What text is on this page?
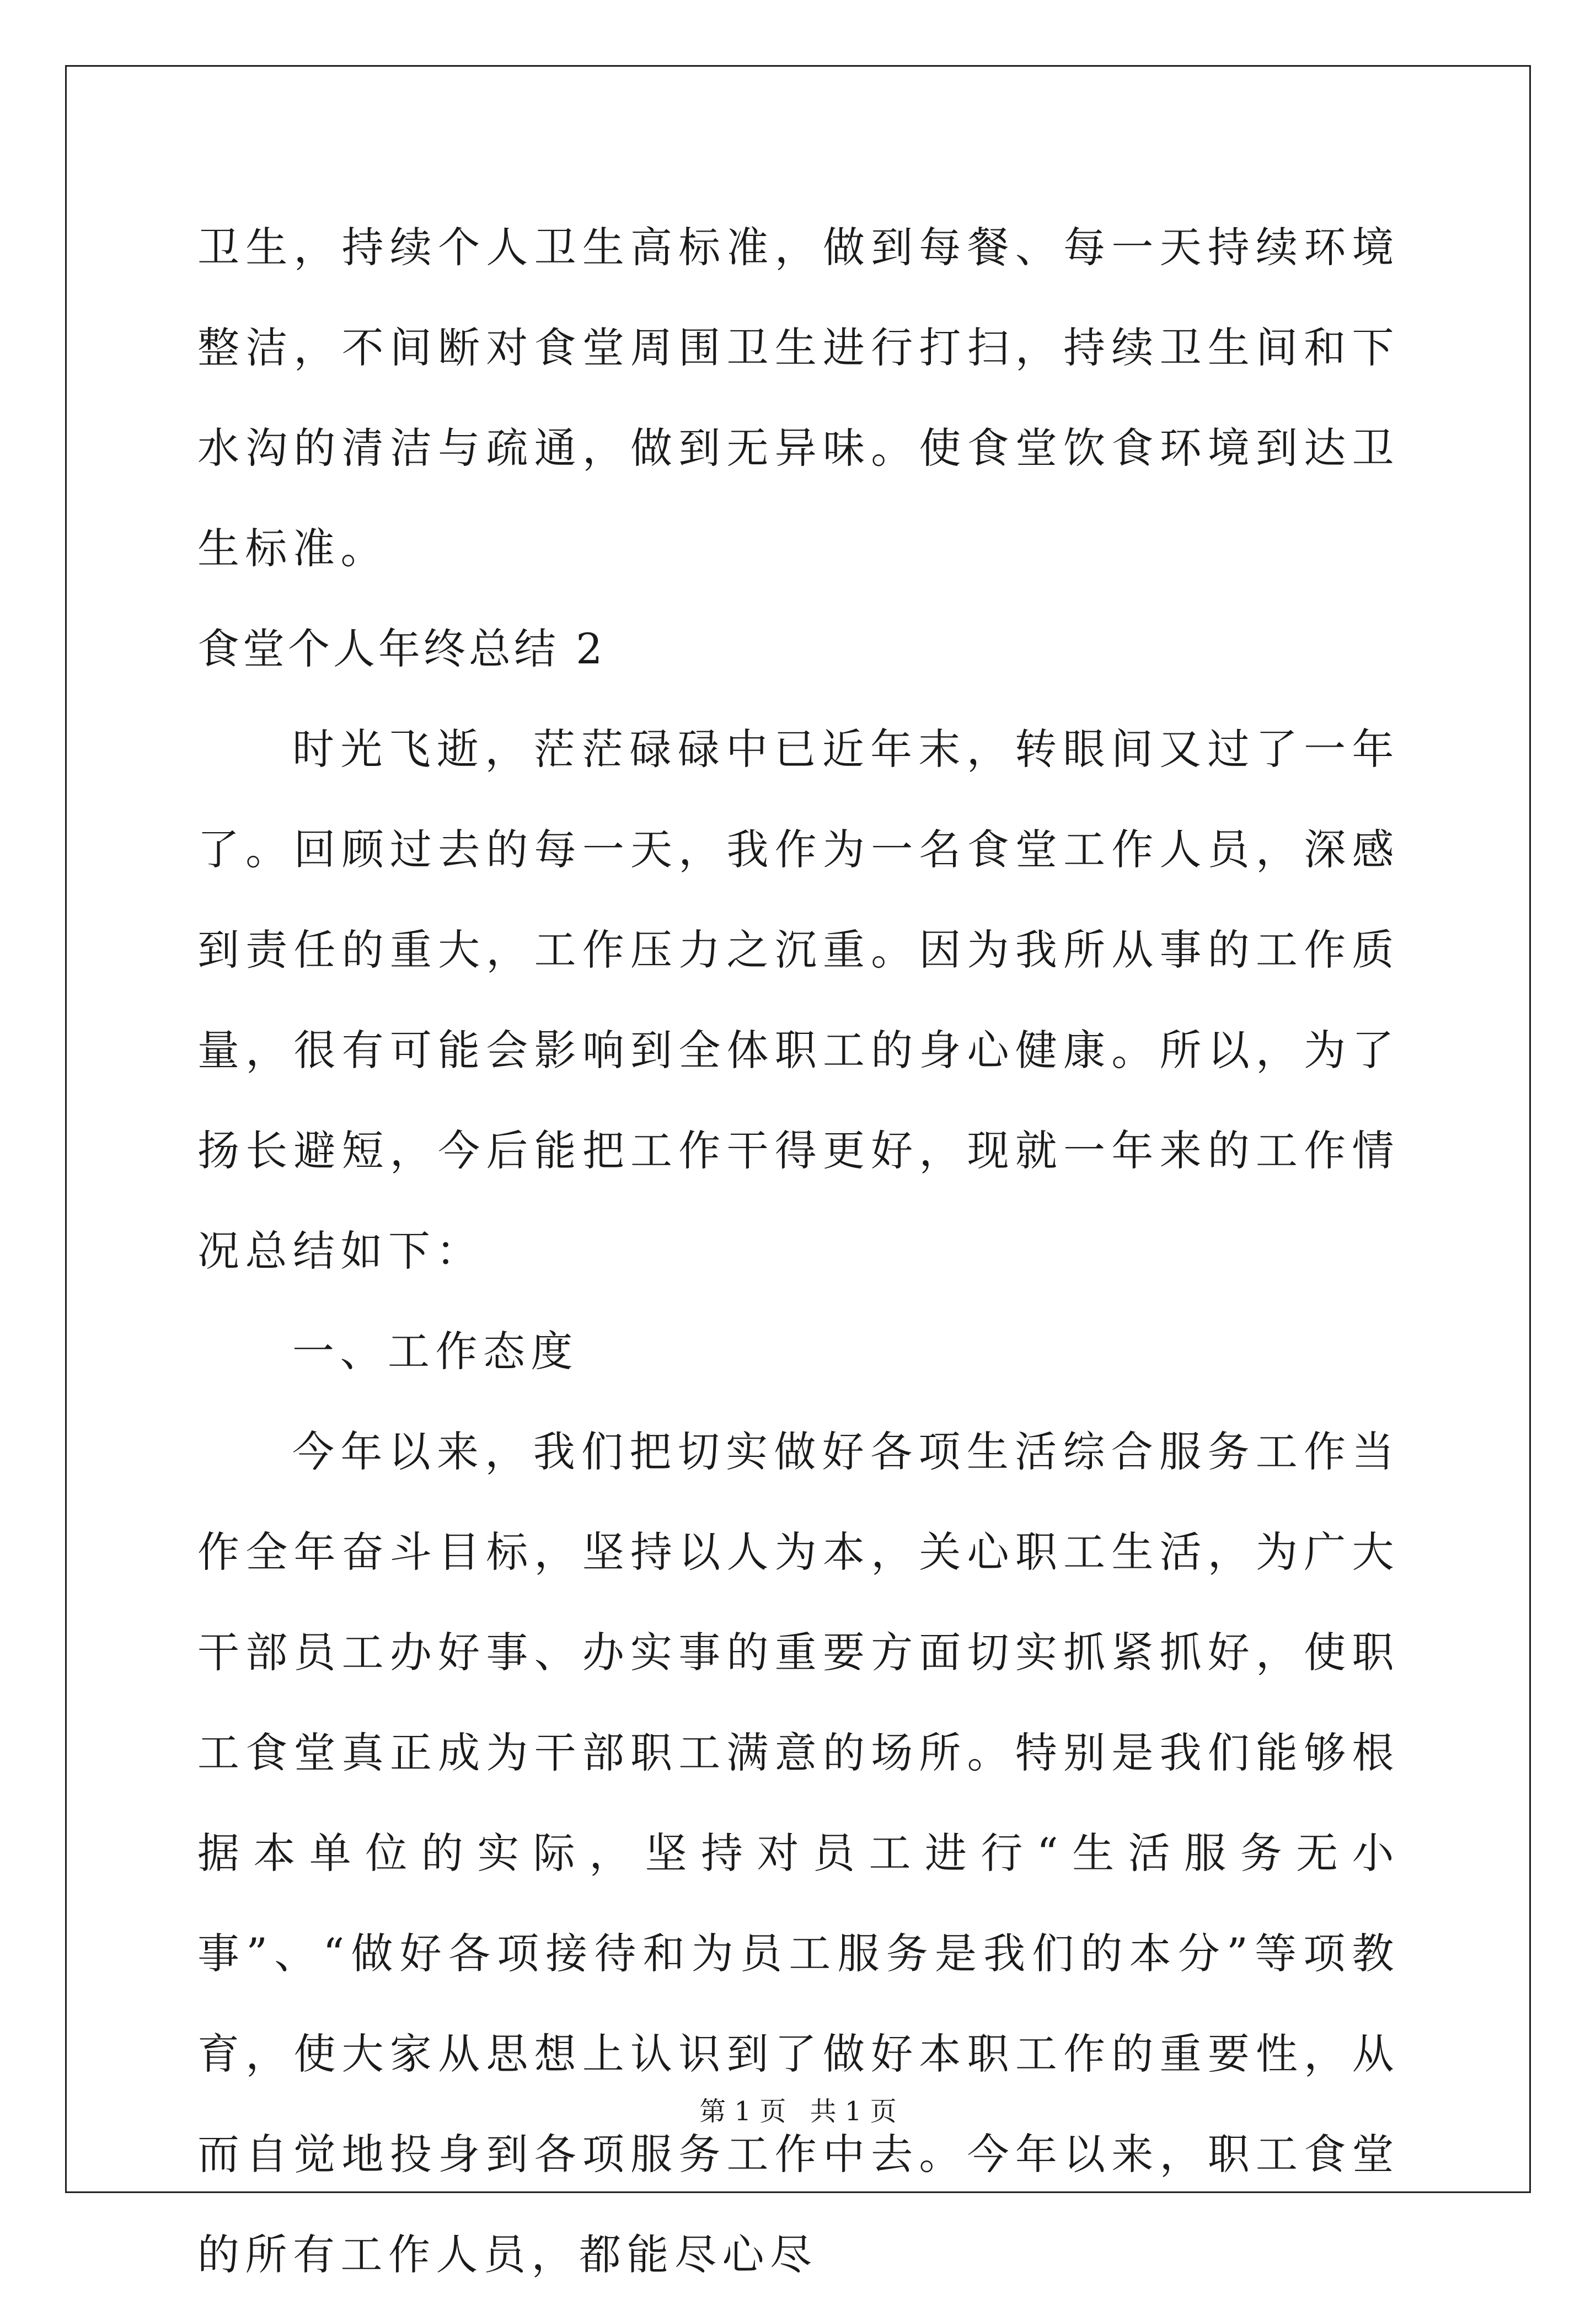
卫生，持续个人卫生高标准，做到每餐、每一天持续环境整洁，不间断对食堂周围卫生进行打扫，持续卫生间和下水沟的清洁与疏通，做到无异味。使食堂饮食环境到达卫生标准。

食堂个人年终总结 2

时光飞逝，茫茫碌碌中已近年末，转眼间又过了一年了。回顾过去的每一天，我作为一名食堂工作人员，深感到责任的重大，工作压力之沉重。因为我所从事的工作质量，很有可能会影响到全体职工的身心健康。所以，为了扬长避短，今后能把工作干得更好，现就一年来的工作情况总结如下：

一、工作态度

今年以来，我们把切实做好各项生活综合服务工作当作全年奋斗目标，坚持以人为本，关心职工生活，为广大干部员工办好事、办实事的重要方面切实抓紧抓好，使职工食堂真正成为干部职工满意的场所。特别是我们能够根据本单位的实际，坚持对员工进行“生活服务无小事”、“做好各项接待和为员工服务是我们的本分”等项教育，使大家从思想上认识到了做好本职工作的重要性，从而自觉地投身到各项服务工作中去。今年以来，职工食堂的所有工作人员，都能尽心尽

第 1 页 共 1 页
